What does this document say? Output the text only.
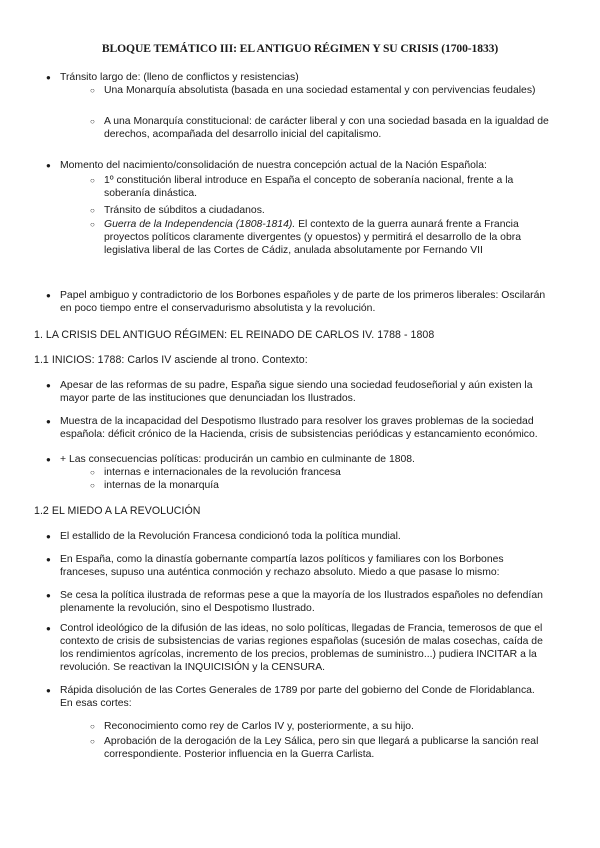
BLOQUE TEMÁTICO III: EL ANTIGUO RÉGIMEN Y SU CRISIS (1700-1833)
● Tránsito largo de: (lleno de conflictos y resistencias)
○ Una Monarquía absolutista (basada en una sociedad estamental y con pervivencias feudales)
○ A una Monarquía constitucional: de carácter liberal y con una sociedad basada en la igualdad de derechos, acompañada del desarrollo inicial del capitalismo.
● Momento del nacimiento/consolidación de nuestra concepción actual de la Nación Española:
○ 1º constitución liberal introduce en España el concepto de soberanía nacional, frente a la soberanía dinástica.
○ Tránsito de súbditos a ciudadanos.
○ Guerra de la Independencia (1808-1814). El contexto de la guerra aunará frente a Francia proyectos políticos claramente divergentes (y opuestos) y permitirá el desarrollo de la obra legislativa liberal de las Cortes de Cádiz, anulada absolutamente por Fernando VII
● Papel ambiguo y contradictorio de los Borbones españoles y de parte de los primeros liberales: Oscilarán en poco tiempo entre el conservadurismo absolutista y la revolución.
1. LA CRISIS DEL ANTIGUO RÉGIMEN: EL REINADO DE CARLOS IV. 1788 - 1808
1.1 INICIOS: 1788: Carlos IV asciende al trono. Contexto:
● Apesar de las reformas de su padre, España sigue siendo una sociedad feudoseñorial y aún existen la mayor parte de las instituciones que denunciadan los Ilustrados.
● Muestra de la incapacidad del Despotismo Ilustrado para resolver los graves problemas de la sociedad española: déficit crónico de la Hacienda, crisis de subsistencias periódicas y estancamiento económico.
● + Las consecuencias políticas: producirán un cambio en culminante de 1808.
○ internas e internacionales de la revolución francesa
○ internas de la monarquía
1.2 EL MIEDO A LA REVOLUCIÓN
● El estallido de la Revolución Francesa condicionó toda la política mundial.
● En España, como la dinastía gobernante compartía lazos políticos y familiares con los Borbones franceses, supuso una auténtica conmoción y rechazo absoluto. Miedo a que pasase lo mismo:
● Se cesa la política ilustrada de reformas pese a que la mayoría de los Ilustrados españoles no defendían plenamente la revolución, sino el Despotismo Ilustrado.
● Control ideológico de la difusión de las ideas, no solo políticas, llegadas de Francia, temerosos de que el contexto de crisis de subsistencias de varias regiones españolas (sucesión de malas cosechas, caída de los rendimientos agrícolas, incremento de los precios, problemas de suministro...) pudiera INCITAR a la revolución. Se reactivan la INQUICISIÓN y la CENSURA.
● Rápida disolución de las Cortes Generales de 1789 por parte del gobierno del Conde de Floridablanca. En esas cortes:
○ Reconocimiento como rey de Carlos IV y, posteriormente, a su hijo.
○ Aprobación de la derogación de la Ley Sálica, pero sin que llegará a publicarse la sanción real correspondiente. Posterior influencia en la Guerra Carlista.
